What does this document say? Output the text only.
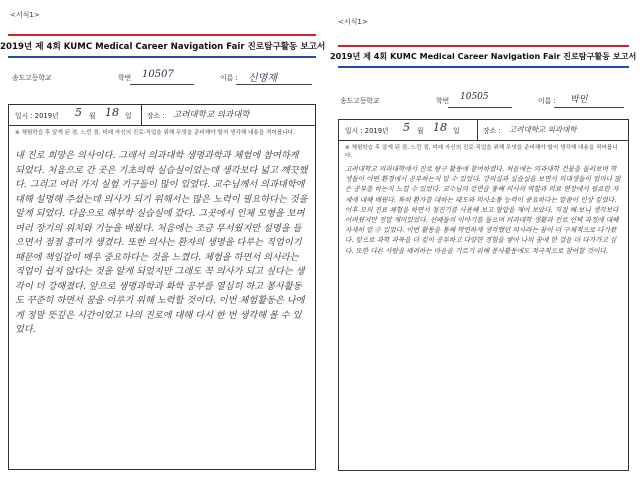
<서식1>
2019년 제 4회 KUMC Medical Career Navigation Fair 진로탐구활동 보고서
송도고등학교	학번 10507	이름 : 신명재
일시 : 2019년 5 월 18 일 장소 : 고려대학교 의과대학
※ 체험학습 후 알게 된 점, 느낀 점, 미래 자신의 진로·직업을 위해 무엇을 준비해야 할지 생각해 내용을 적어봅니다.
내 진로 희망은 의사이다. 그래서 의과대학 생명과학과 체험에 참여하게 되었다. 처음으로 간 곳은 기초의학 실습실이었는데 생각보다 넓고 깨끗했다. 그리고 여러 가지 실험 기구들이 많이 있었다. 교수님께서 의과대학에 대해 설명해 주셨는데 의사가 되기 위해서는 많은 노력이 필요하다는 것을 알게 되었다. 다음으로 해부학 실습실에 갔다. 그곳에서 인체 모형을 보며 여러 장기의 위치와 기능을 배웠다. 처음에는 조금 무서웠지만 설명을 들으면서 점점 흥미가 생겼다. 또한 의사는 환자의 생명을 다루는 직업이기 때문에 책임감이 매우 중요하다는 것을 느꼈다. 체험을 하면서 의사라는 직업이 쉽지 않다는 것을 알게 되었지만 그래도 꼭 의사가 되고 싶다는 생각이 더 강해졌다. 앞으로 생명과학과 화학 공부를 열심히 하고 봉사활동도 꾸준히 하면서 꿈을 이루기 위해 노력할 것이다. 이번 체험활동은 나에게 정말 뜻깊은 시간이었고 나의 진로에 대해 다시 한 번 생각해 볼 수 있었다.
<서식1>
2019년 제 4회 KUMC Medical Career Navigation Fair 진로탐구활동 보고서
송도고등학교	학번 10505	이름 : 박민
일시 : 2019년 5 월 18 일	장소 : 고려대학교 의과대학
※ 체험학습 후 알게 된 점, 느낀 점, 미래 자신의 진로·직업을 위해 무엇을 준비해야 할지 생각해 내용을 적어봅니다.
고려대학교 의과대학에서 진로 탐구 활동에 참여하였다. 처음에는 의과대학 건물을 둘러보며 학생들이 어떤 환경에서 공부하는지 알 수 있었다. 강의실과 실습실을 보면서 의대생들이 얼마나 많은 공부를 하는지 느낄 수 있었다. 교수님의 강연을 통해 의사의 역할과 의료 현장에서 필요한 자세에 대해 배웠다. 특히 환자를 대하는 태도와 의사소통 능력이 중요하다는 말씀이 인상 깊었다. 이후 모의 진료 체험을 하면서 청진기를 사용해 보고 혈압을 재어 보았다. 직접 해 보니 생각보다 어려웠지만 정말 재미있었다. 선배들의 이야기를 들으며 의과대학 생활과 진로 선택 과정에 대해 자세히 알 수 있었다. 이번 활동을 통해 막연하게 생각했던 의사라는 꿈이 더 구체적으로 다가왔다. 앞으로 과학 과목을 더 깊이 공부하고 다양한 경험을 쌓아 나의 꿈에 한 걸음 더 다가가고 싶다. 또한 다른 사람을 배려하는 마음을 기르기 위해 봉사활동에도 적극적으로 참여할 것이다.
